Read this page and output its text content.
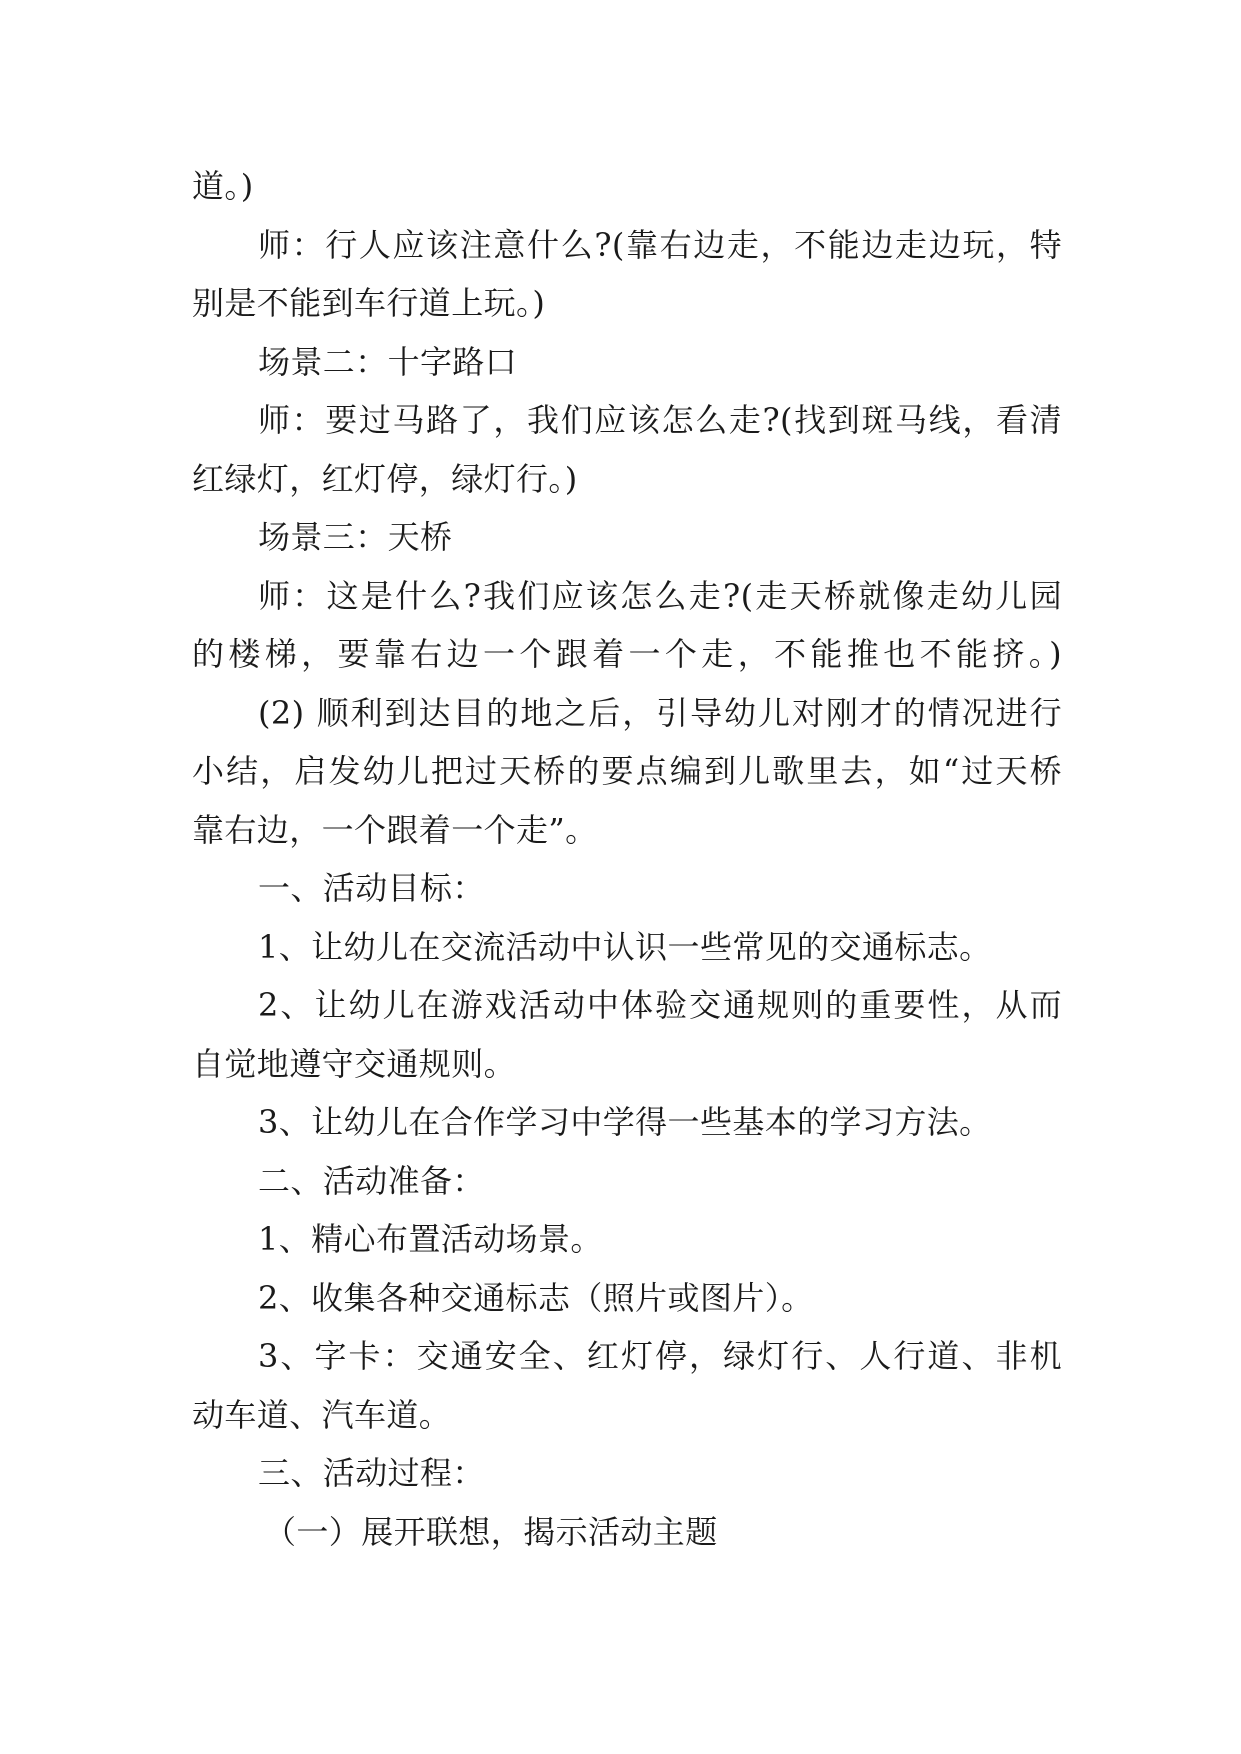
道。)
师：行人应该注意什么?(靠右边走，不能边走边玩，特
别是不能到车行道上玩。)
场景二：十字路口
师：要过马路了，我们应该怎么走?(找到斑马线，看清
红绿灯，红灯停，绿灯行。)
场景三：天桥
师：这是什么?我们应该怎么走?(走天桥就像走幼儿园
的楼梯，要靠右边一个跟着一个走，不能推也不能挤。)
(2) 顺利到达目的地之后，引导幼儿对刚才的情况进行
小结，启发幼儿把过天桥的要点编到儿歌里去，如“过天桥
靠右边，一个跟着一个走”。
一、活动目标：
1、让幼儿在交流活动中认识一些常见的交通标志。
2、让幼儿在游戏活动中体验交通规则的重要性，从而
自觉地遵守交通规则。
3、让幼儿在合作学习中学得一些基本的学习方法。
二、活动准备：
1、精心布置活动场景。
2、收集各种交通标志（照片或图片）。
3、字卡：交通安全、红灯停，绿灯行、人行道、非机
动车道、汽车道。
三、活动过程：
（一）展开联想，揭示活动主题
